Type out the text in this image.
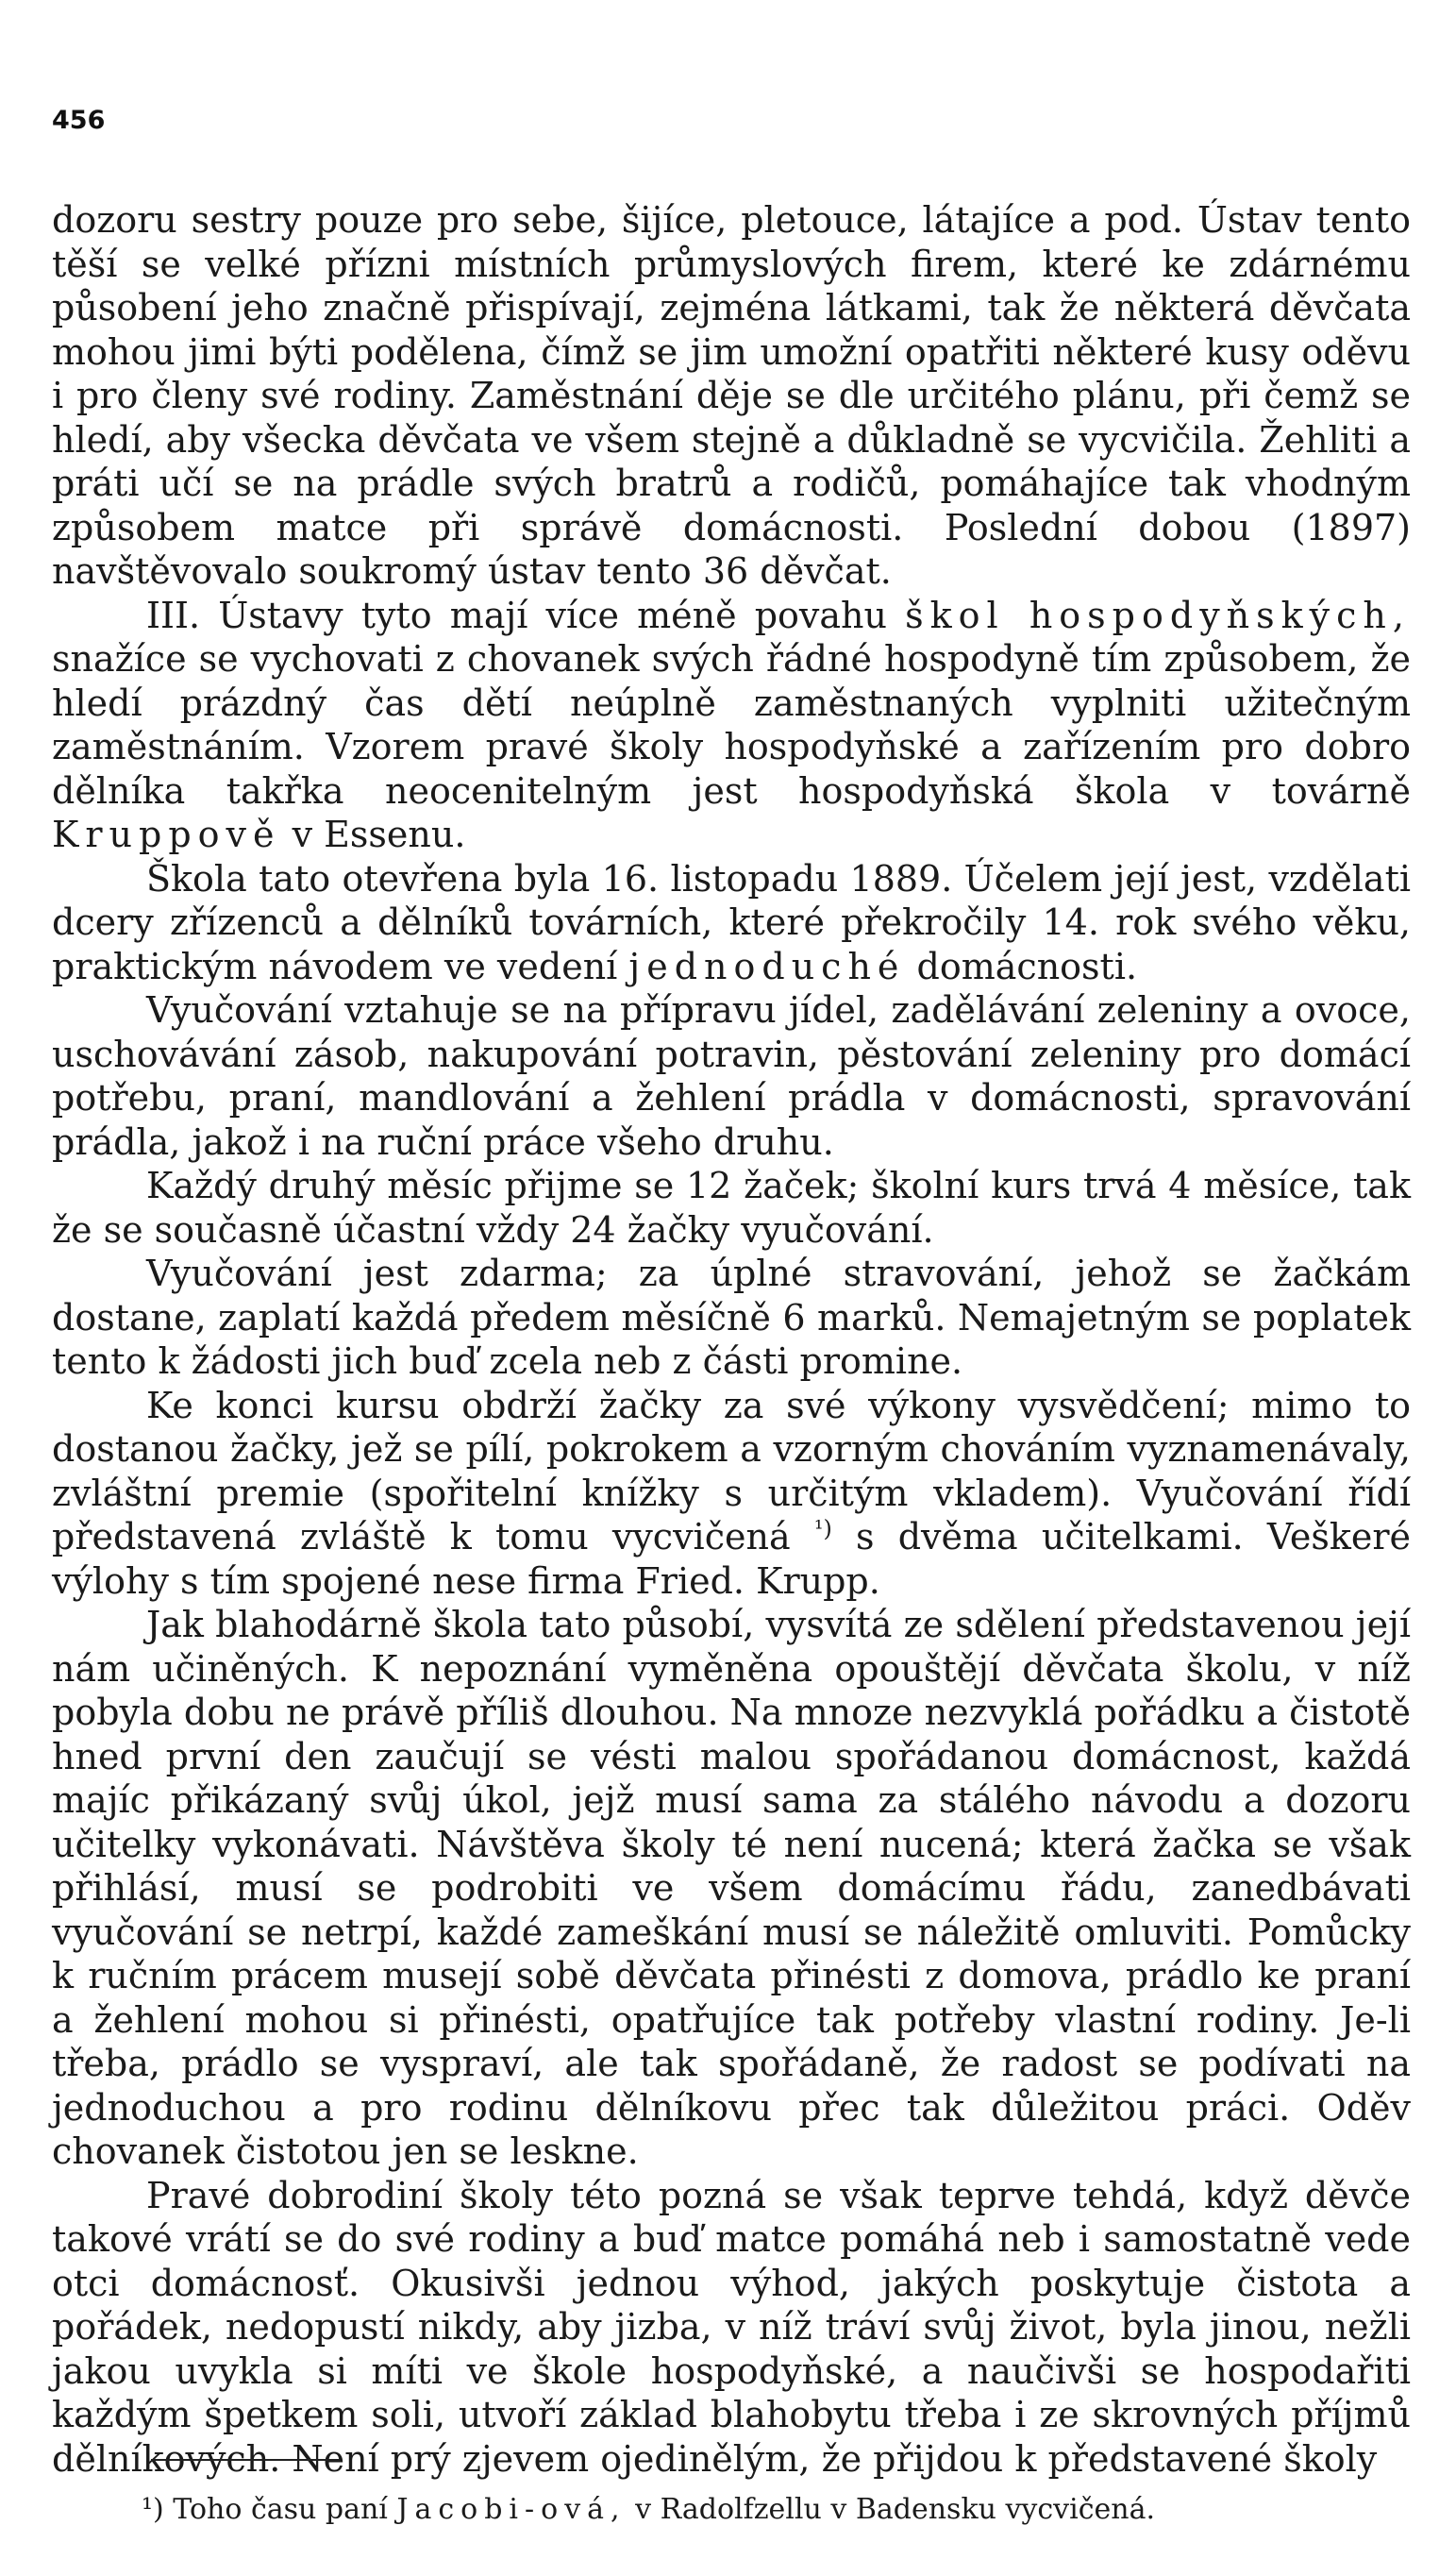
456

dozoru sestry pouze pro sebe, šijíce, pletouce, látajíce a pod. Ústav tento těší se velké přízni místních průmyslových firem, které ke zdárnému působení jeho značně přispívají, zejména látkami, tak že některá děvčata mohou jimi býti podělena, čímž se jim umožní opatřiti některé kusy oděvu i pro členy své rodiny. Zaměstnání děje se dle určitého plánu, při čemž se hledí, aby všecka děvčata ve všem stejně a důkladně se vycvičila. Žehliti a práti učí se na prádle svých bratrů a rodičů, pomáhajíce tak vhodným způsobem matce při správě domácnosti. Poslední dobou (1897) navštěvovalo soukromý ústav tento 36 děvčat.

III. Ústavy tyto mají více méně povahu škol hospodyňských, snažíce se vychovati z chovanek svých řádné hospodyně tím způsobem, že hledí prázdný čas dětí neúplně zaměstnaných vyplniti užitečným zaměstnáním. Vzorem pravé školy hospodyňské a zařízením pro dobro dělníka takřka neocenitelným jest hospodyňská škola v továrně Kruppově v Essenu.

Škola tato otevřena byla 16. listopadu 1889. Účelem její jest, vzdělati dcery zřízenců a dělníků továrních, které překročily 14. rok svého věku, praktickým návodem ve vedení jednoduché domácnosti.

Vyučování vztahuje se na přípravu jídel, zadělávání zeleniny a ovoce, uschovávání zásob, nakupování potravin, pěstování zeleniny pro domácí potřebu, praní, mandlování a žehlení prádla v domácnosti, spravování prádla, jakož i na ruční práce všeho druhu.

Každý druhý měsíc přijme se 12 žaček; školní kurs trvá 4 měsíce, tak že se současně účastní vždy 24 žačky vyučování.

Vyučování jest zdarma; za úplné stravování, jehož se žačkám dostane, zaplatí každá předem měsíčně 6 marků. Nemajetným se poplatek tento k žádosti jich buď zcela neb z části promine.

Ke konci kursu obdrží žačky za své výkony vysvědčení; mimo to dostanou žačky, jež se pílí, pokrokem a vzorným chováním vyznamenávaly, zvláštní premie (spořitelní knížky s určitým vkladem). Vyučování řídí představená zvláště k tomu vycvičená $^{^1)}$ s dvěma učitelkami. Veškeré výlohy s tím spojené nese firma Fried. Krupp.

Jak blahodárně škola tato působí, vysvítá ze sdělení představenou její nám učiněných. K nepoznání vyměněna opouštějí děvčata školu, v níž pobyla dobu ne právě příliš dlouhou. Na mnoze nezvyklá pořádku a čistotě hned první den zaučují se vésti malou spořádanou domácnost, každá majíc přikázaný svůj úkol, jejž musí sama za stálého návodu a dozoru učitelky vykonávati. Návštěva školy té není nucená; která žačka se však přihlásí, musí se podrobiti ve všem domácímu řádu, zanedbávati vyučování se netrpí, každé zameškání musí se náležitě omluviti. Pomůcky k ručním prácem musejí sobě děvčata přinésti z domova, prádlo ke praní a žehlení mohou si přinésti, opatřujíce tak potřeby vlastní rodiny. Je-li třeba, prádlo se vyspraví, ale tak spořádaně, že radost se podívati na jednoduchou a pro rodinu dělníkovu přec tak důležitou práci. Oděv chovanek čistotou jen se leskne.

Pravé dobrodiní školy této pozná se však teprve tehdá, když děvče takové vrátí se do své rodiny a buď matce pomáhá neb i samostatně vede otci domácnosť. Okusivši jednou výhod, jakých poskytuje čistota a pořádek, nedopustí nikdy, aby jizba, v níž tráví svůj život, byla jinou, nežli jakou uvykla si míti ve škole hospodyňské, a naučivši se hospodařiti každým špetkem soli, utvoří základ blahobytu třeba i ze skrovných příjmů dělníkových. Není prý zjevem ojedinělým, že přijdou k představené školy

¹) Toho času paní Jacobi-ová, v Radolfzellu v Badensku vycvičená.
